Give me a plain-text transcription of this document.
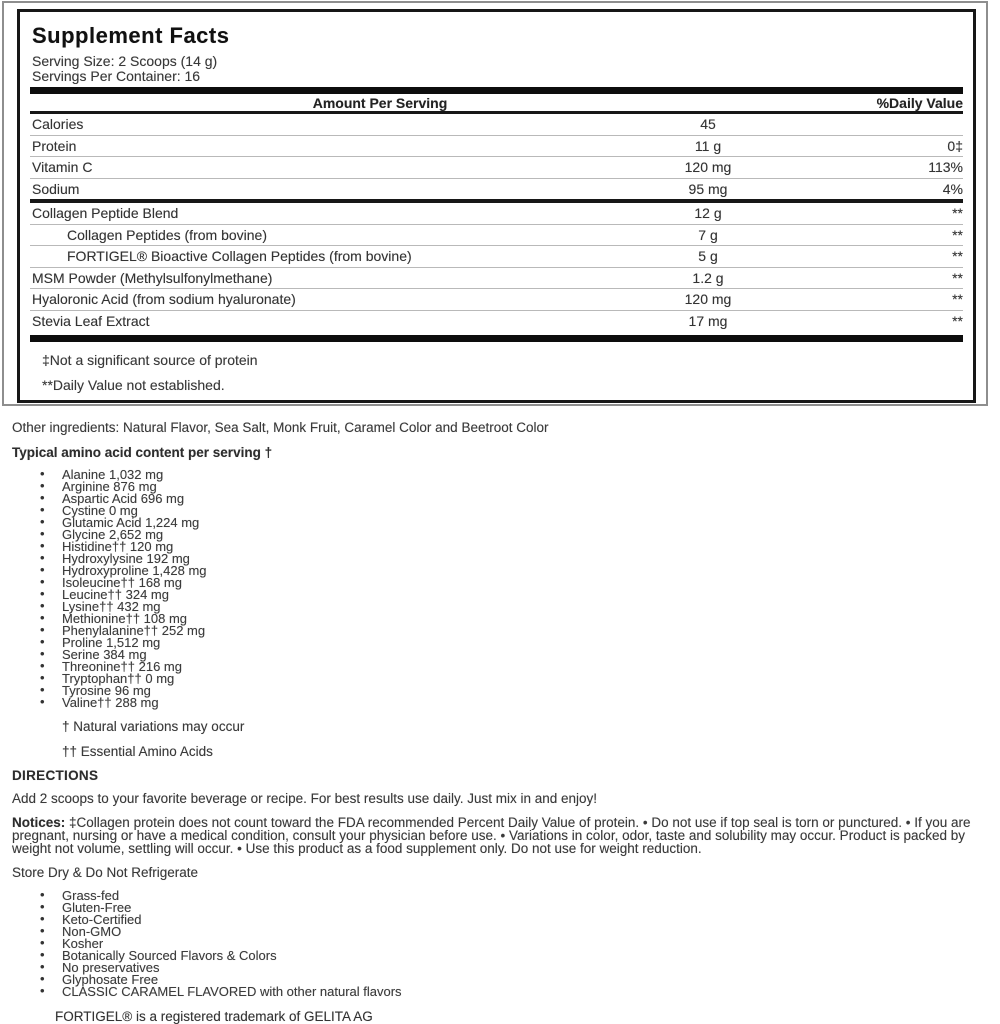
Supplement Facts
Serving Size: 2 Scoops (14 g)
Servings Per Container: 16
Amount Per Serving	%Daily Value
Calories	45
Protein	11 g	0‡
Vitamin C	120 mg	113%
Sodium	95 mg	4%
Collagen Peptide Blend	12 g	**
Collagen Peptides (from bovine)	7 g	**
FORTIGEL® Bioactive Collagen Peptides (from bovine)	5 g	**
MSM Powder (Methylsulfonylmethane)	1.2 g	**
Hyaloronic Acid (from sodium hyaluronate)	120 mg	**
Stevia Leaf Extract	17 mg	**
‡Not a significant source of protein
**Daily Value not established.
Other ingredients: Natural Flavor, Sea Salt, Monk Fruit, Caramel Color and Beetroot Color
Typical amino acid content per serving †
• Alanine 1,032 mg
• Arginine 876 mg
• Aspartic Acid 696 mg
• Cystine 0 mg
• Glutamic Acid 1,224 mg
• Glycine 2,652 mg
• Histidine†† 120 mg
• Hydroxylysine 192 mg
• Hydroxyproline 1,428 mg
• Isoleucine†† 168 mg
• Leucine†† 324 mg
• Lysine†† 432 mg
• Methionine†† 108 mg
• Phenylalanine†† 252 mg
• Proline 1,512 mg
• Serine 384 mg
• Threonine†† 216 mg
• Tryptophan†† 0 mg
• Tyrosine 96 mg
• Valine†† 288 mg
† Natural variations may occur
†† Essential Amino Acids
DIRECTIONS
Add 2 scoops to your favorite beverage or recipe. For best results use daily. Just mix in and enjoy!
Notices: ‡Collagen protein does not count toward the FDA recommended Percent Daily Value of protein. • Do not use if top seal is torn or punctured. • If you are pregnant, nursing or have a medical condition, consult your physician before use. • Variations in color, odor, taste and solubility may occur. Product is packed by weight not volume, settling will occur. • Use this product as a food supplement only. Do not use for weight reduction.
Store Dry & Do Not Refrigerate
• Grass-fed
• Gluten-Free
• Keto-Certified
• Non-GMO
• Kosher
• Botanically Sourced Flavors & Colors
• No preservatives
• Glyphosate Free
• CLASSIC CARAMEL FLAVORED with other natural flavors
FORTIGEL® is a registered trademark of GELITA AG
